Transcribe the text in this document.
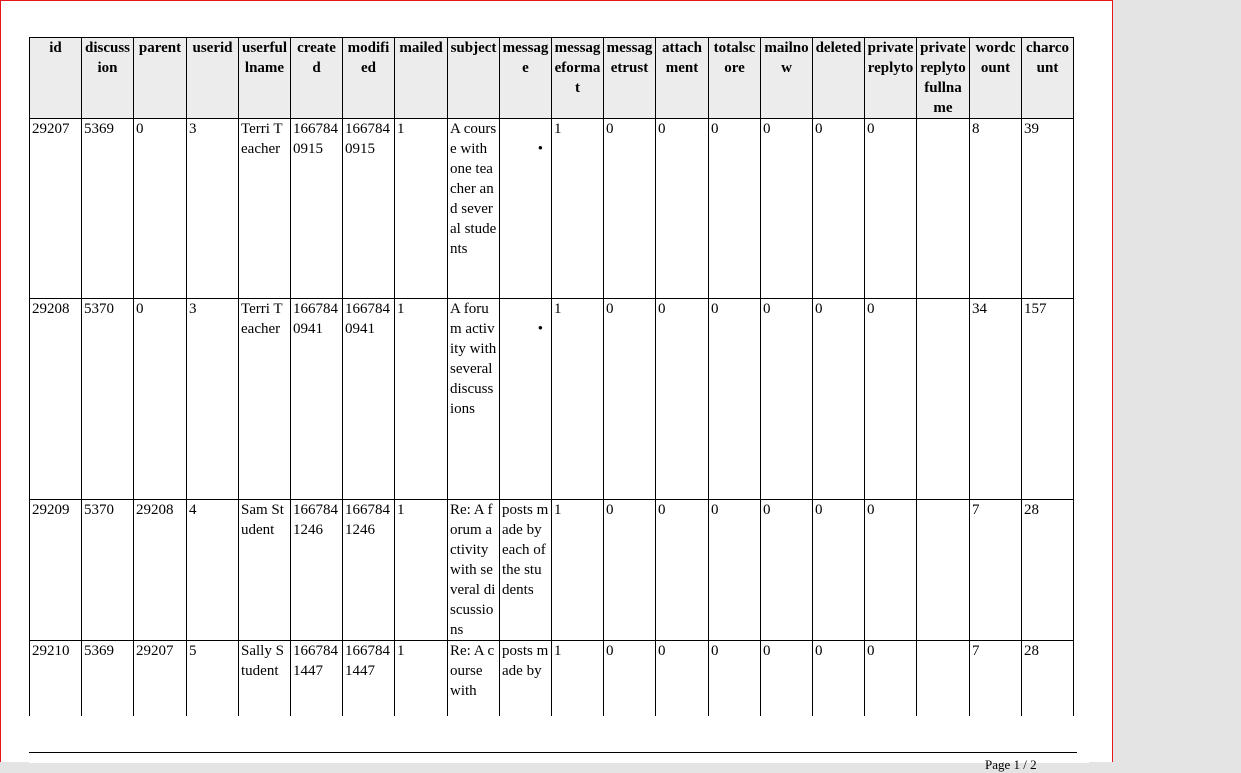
id	discussion	parent	userid	userfullname	created	modified	mailed	subject	message	messageformat	messagetrust	attachment	totalscore	mailnow	deleted	privatereplyto	privatereplytofullname	wordcount	charcount
29207	5369	0	3	Terri Teacher	1667840915	1667840915	1	A course with one teacher and several students	•	1	0	0	0	0	0	0		8	39
29208	5370	0	3	Terri Teacher	1667840941	1667840941	1	A forum activity with several discussions	•	1	0	0	0	0	0	0		34	157
29209	5370	29208	4	Sam Student	1667841246	1667841246	1	Re: A forum activity with several discussions	posts made by each of the students	1	0	0	0	0	0	0		7	28
29210	5369	29207	5	Sally Student	1667841447	1667841447	1	Re: A course with	posts made by	1	0	0	0	0	0	0		7	28
Page 1 / 2
